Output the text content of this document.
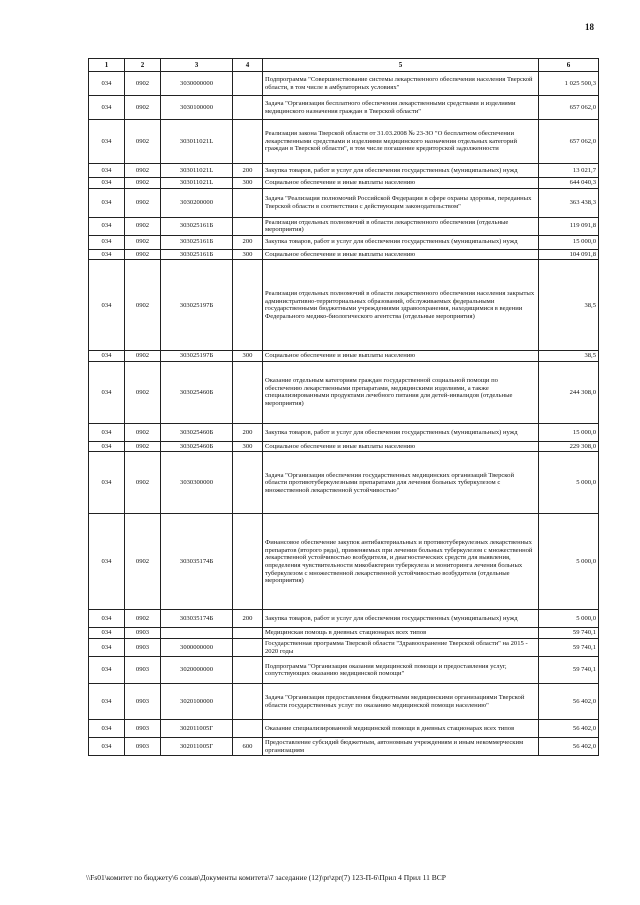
18
1	2	3	4	5	6
034	0902	3030000000		Подпрограмма "Совершенствование системы лекарственного обеспечения населения Тверской области, в том числе в амбулаторных условиях"	1 025 500,3
034	0902	3030100000		Задача "Организация бесплатного обеспечения лекарственными средствами и изделиями медицинского назначения граждан в Тверской области"	657 062,0
034	0902	303011021L		Реализация закона Тверской области от 31.03.2008 № 23-ЗО "О бесплатном обеспечении лекарственными средствами и изделиями медицинского назначения отдельных категорий граждан в Тверской области", в том числе погашение кредиторской задолженности	657 062,0
034	0902	303011021L	200	Закупка товаров, работ и услуг для обеспечения государственных (муниципальных) нужд	13 021,7
034	0902	303011021L	300	Социальное обеспечение и иные выплаты населению	644 040,3
034	0902	3030200000		Задача "Реализация полномочий Российской Федерации в сфере охраны здоровья, переданных Тверской области в соответствии с действующим законодательством"	363 438,3
034	0902	303025161Б		Реализация отдельных полномочий в области лекарственного обеспечения (отдельные мероприятия)	119 091,8
034	0902	303025161Б	200	Закупка товаров, работ и услуг для обеспечения государственных (муниципальных) нужд	15 000,0
034	0902	303025161Б	300	Социальное обеспечение и иные выплаты населению	104 091,8
034	0902	303025197Б		Реализация отдельных полномочий в области лекарственного обеспечения населения закрытых административно-территориальных образований, обслуживаемых федеральными государственными бюджетными учреждениями здравоохранения, находящимися в ведении Федерального медико-биологического агентства (отдельные мероприятия)	38,5
034	0902	303025197Б	300	Социальное обеспечение и иные выплаты населению	38,5
034	0902	303025460Б		Оказание отдельным категориям граждан государственной социальной помощи по обеспечению лекарственными препаратами, медицинскими изделиями, а также специализированными продуктами лечебного питания для детей-инвалидов (отдельные мероприятия)	244 308,0
034	0902	303025460Б	200	Закупка товаров, работ и услуг для обеспечения государственных (муниципальных) нужд	15 000,0
034	0902	303025460Б	300	Социальное обеспечение и иные выплаты населению	229 308,0
034	0902	3030300000		Задача "Организация обеспечения государственных медицинских организаций Тверской области противотуберкулезными препаратами для лечения больных туберкулезом с множественной лекарственной устойчивостью"	5 000,0
034	0902	303035174Б		Финансовое обеспечение закупок антибактериальных и противотуберкулезных лекарственных препаратов (второго ряда), применяемых при лечении больных туберкулезом с множественной лекарственной устойчивостью возбудителя, и диагностических средств для выявления, определения чувствительности микобактерии туберкулеза и мониторинга лечения больных туберкулезом с множественной лекарственной устойчивостью возбудителя (отдельные мероприятия)	5 000,0
034	0902	303035174Б	200	Закупка товаров, работ и услуг для обеспечения государственных (муниципальных) нужд	5 000,0
034	0903			Медицинская помощь в дневных стационарах всех типов	59 740,1
034	0903	3000000000		Государственная программа Тверской области "Здравоохранение Тверской области" на 2015 - 2020 годы	59 740,1
034	0903	3020000000		Подпрограмма "Организация оказания медицинской помощи и предоставления услуг, сопутствующих оказанию медицинской помощи"	59 740,1
034	0903	3020100000		Задача "Организация предоставления бюджетными медицинскими организациями Тверской области государственных услуг по оказанию медицинской помощи населению"	56 402,0
034	0903	302011005Г		Оказание специализированной медицинской помощи в дневных стационарах всех типов	56 402,0
034	0903	302011005Г	600	Предоставление субсидий бюджетным, автономным учреждениям и иным некоммерческим организациям	56 402,0
\\Fs01\комитет по бюджету\6 созыв\Документы комитета\7 заседание (12)\pr\zpr(7) 123-П-6\Прил 4 Прил 11 ВСР
